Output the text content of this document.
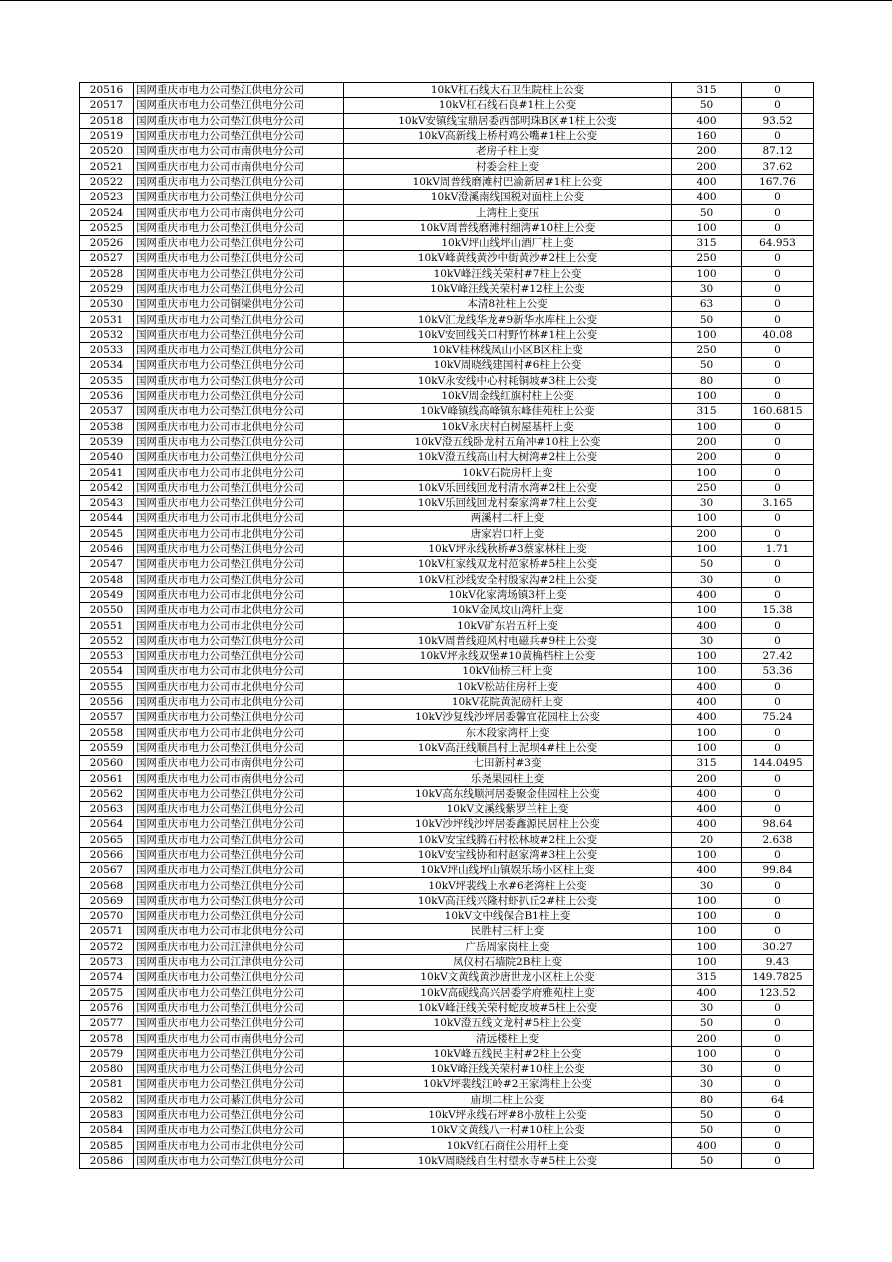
20516	国网重庆市电力公司垫江供电分公司	10kV杠石线大石卫生院柱上公变	315	0
20517	国网重庆市电力公司垫江供电分公司	10kV杠石线石良#1柱上公变	50	0
20518	国网重庆市电力公司垫江供电分公司	10kV安镇线宝鼎居委西部明珠B区#1柱上公变	400	93.52
20519	国网重庆市电力公司垫江供电分公司	10kV高新线上桥村鸡公嘴#1柱上公变	160	0
20520	国网重庆市电力公司市南供电分公司	老房子柱上变	200	87.12
20521	国网重庆市电力公司市南供电分公司	村委会柱上变	200	37.62
20522	国网重庆市电力公司垫江供电分公司	10kV周普线磨滩村巴渝新居#1柱上公变	400	167.76
20523	国网重庆市电力公司垫江供电分公司	10kV澄溪南线国税对面柱上公变	400	0
20524	国网重庆市电力公司市南供电分公司	上湾柱上变压	50	0
20525	国网重庆市电力公司垫江供电分公司	10kV周普线磨滩村细湾#10柱上公变	100	0
20526	国网重庆市电力公司垫江供电分公司	10kV坪山线坪山酒厂柱上变	315	64.953
20527	国网重庆市电力公司垫江供电分公司	10kV峰黄线黄沙中街黄沙#2柱上公变	250	0
20528	国网重庆市电力公司垫江供电分公司	10kV峰汪线关荣村#7柱上公变	100	0
20529	国网重庆市电力公司垫江供电分公司	10kV峰汪线关荣村#12柱上公变	30	0
20530	国网重庆市电力公司铜梁供电分公司	本清8社柱上公变	63	0
20531	国网重庆市电力公司垫江供电分公司	10kV汇龙线华龙#9新华水库柱上公变	50	0
20532	国网重庆市电力公司垫江供电分公司	10kV安回线关口村野竹林#1柱上公变	100	40.08
20533	国网重庆市电力公司垫江供电分公司	10kV桂林线凤山小区B区柱上变	250	0
20534	国网重庆市电力公司垫江供电分公司	10kV周晓线建国村#6柱上公变	50	0
20535	国网重庆市电力公司垫江供电分公司	10kV永安线中心村耗铜坡#3柱上公变	80	0
20536	国网重庆市电力公司垫江供电分公司	10kV周金线红旗村柱上公变	100	0
20537	国网重庆市电力公司垫江供电分公司	10kV峰镇线高峰镇东峰佳苑柱上公变	315	160.6815
20538	国网重庆市电力公司市北供电分公司	10kV永庆村白树屋基杆上变	100	0
20539	国网重庆市电力公司垫江供电分公司	10kV澄五线卧龙村五角冲#10柱上公变	200	0
20540	国网重庆市电力公司垫江供电分公司	10kV澄五线高山村大树湾#2柱上公变	200	0
20541	国网重庆市电力公司市北供电分公司	10kV石院房杆上变	100	0
20542	国网重庆市电力公司垫江供电分公司	10kV乐回线回龙村清水湾#2柱上公变	250	0
20543	国网重庆市电力公司垫江供电分公司	10kV乐回线回龙村秦家湾#7柱上公变	30	3.165
20544	国网重庆市电力公司市北供电分公司	两溪村二杆上变	100	0
20545	国网重庆市电力公司市北供电分公司	唐家岩口杆上变	200	0
20546	国网重庆市电力公司垫江供电分公司	10kV坪永线秋桥#3蔡家林柱上变	100	1.71
20547	国网重庆市电力公司垫江供电分公司	10kV杠家线双龙村范家桥#5柱上公变	50	0
20548	国网重庆市电力公司垫江供电分公司	10kV杠沙线安全村殷家沟#2柱上公变	30	0
20549	国网重庆市电力公司市北供电分公司	10kV化家湾场镇3杆上变	400	0
20550	国网重庆市电力公司市北供电分公司	10kV金凤坟山湾杆上变	100	15.38
20551	国网重庆市电力公司市北供电分公司	10kV矿东岩五杆上变	400	0
20552	国网重庆市电力公司垫江供电分公司	10kV周普线迎风村电磁兵#9柱上公变	30	0
20553	国网重庆市电力公司垫江供电分公司	10kV坪永线双堡#10黄桷档柱上公变	100	27.42
20554	国网重庆市电力公司市北供电分公司	10kV仙桥三杆上变	100	53.36
20555	国网重庆市电力公司市北供电分公司	10kV松站住房杆上变	400	0
20556	国网重庆市电力公司市北供电分公司	10kV花院黄泥磅杆上变	400	0
20557	国网重庆市电力公司垫江供电分公司	10kV沙复线沙坪居委馨宜花园柱上公变	400	75.24
20558	国网重庆市电力公司市北供电分公司	东木段家湾杆上变	100	0
20559	国网重庆市电力公司垫江供电分公司	10kV高汪线顺昌村上泥坝4#柱上公变	100	0
20560	国网重庆市电力公司市南供电分公司	七田新村#3变	315	144.0495
20561	国网重庆市电力公司市南供电分公司	乐尧果园柱上变	200	0
20562	国网重庆市电力公司垫江供电分公司	10kV高东线顺河居委聚金佳园柱上公变	400	0
20563	国网重庆市电力公司垫江供电分公司	10kV文溪线紫罗兰柱上变	400	0
20564	国网重庆市电力公司垫江供电分公司	10kV沙坪线沙坪居委鑫源民居柱上公变	400	98.64
20565	国网重庆市电力公司垫江供电分公司	10kV安宝线腾石村松林坡#2柱上公变	20	2.638
20566	国网重庆市电力公司垫江供电分公司	10kV安宝线协和村赵家湾#3柱上公变	100	0
20567	国网重庆市电力公司垫江供电分公司	10kV坪山线坪山镇娱乐场小区柱上变	400	99.84
20568	国网重庆市电力公司垫江供电分公司	10kV坪裴线上水#6老湾柱上公变	30	0
20569	国网重庆市电力公司垫江供电分公司	10kV高汪线兴隆村虾扒丘2#柱上公变	100	0
20570	国网重庆市电力公司垫江供电分公司	10kV文中线保合B1柱上变	100	0
20571	国网重庆市电力公司市北供电分公司	民胜村三杆上变	100	0
20572	国网重庆市电力公司江津供电分公司	广岳周家岗柱上变	100	30.27
20573	国网重庆市电力公司江津供电分公司	凤仪村石墙院2B柱上变	100	9.43
20574	国网重庆市电力公司垫江供电分公司	10kV文黄线黄沙唐世龙小区柱上公变	315	149.7825
20575	国网重庆市电力公司垫江供电分公司	10kV高砚线高兴居委学府雅苑柱上变	400	123.52
20576	国网重庆市电力公司垫江供电分公司	10kV峰汪线关荣村蛇皮坡#5柱上公变	30	0
20577	国网重庆市电力公司垫江供电分公司	10kV澄五线文龙村#5柱上公变	50	0
20578	国网重庆市电力公司市南供电分公司	清远楼柱上变	200	0
20579	国网重庆市电力公司垫江供电分公司	10kV峰五线民主村#2柱上公变	100	0
20580	国网重庆市电力公司垫江供电分公司	10kV峰汪线关荣村#10柱上公变	30	0
20581	国网重庆市电力公司垫江供电分公司	10kV坪裴线江岭#2王家湾柱上公变	30	0
20582	国网重庆市电力公司綦江供电分公司	庙坝二柱上公变	80	64
20583	国网重庆市电力公司垫江供电分公司	10kV坪永线石坪#8小放柱上公变	50	0
20584	国网重庆市电力公司垫江供电分公司	10kV文黄线八一村#10柱上公变	50	0
20585	国网重庆市电力公司市北供电分公司	10kV红石商住公用杆上变	400	0
20586	国网重庆市电力公司垫江供电分公司	10kV周晓线自生村望水寺#5柱上公变	50	0
